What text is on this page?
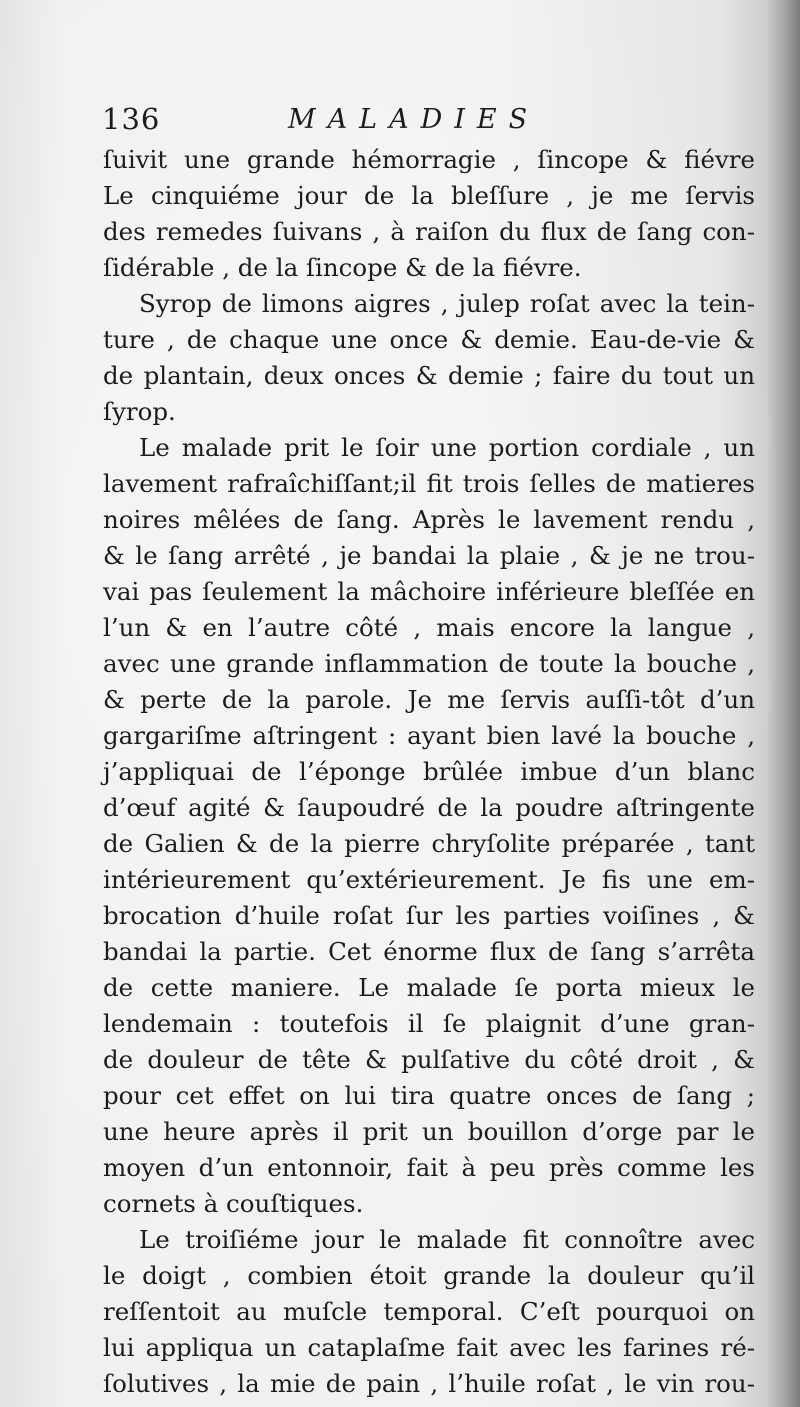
136	MALADIES
ſuivit une grande hémorragie , ſincope & fiévre
Le cinquiéme jour de la bleſſure , je me ſervis
des remedes ſuivans , à raiſon du flux de ſang con-
ſidérable , de la ſincope & de la fiévre.
Syrop de limons aigres , julep roſat avec la tein-
ture , de chaque une once & demie. Eau-de-vie &
de plantain, deux onces & demie ; faire du tout un
ſyrop.
Le malade prit le ſoir une portion cordiale , un
lavement rafraîchiſſant;il fit trois ſelles de matieres
noires mêlées de ſang. Après le lavement rendu ,
& le ſang arrêté , je bandai la plaie , & je ne trou-
vai pas ſeulement la mâchoire inférieure bleſſée en
l’un & en l’autre côté , mais encore la langue ,
avec une grande inflammation de toute la bouche ,
& perte de la parole. Je me ſervis auſſi-tôt d’un
gargariſme aſtringent : ayant bien lavé la bouche ,
j’appliquai de l’éponge brûlée imbue d’un blanc
d’œuf agité & ſaupoudré de la poudre aſtringente
de Galien & de la pierre chryſolite préparée , tant
intérieurement qu’extérieurement. Je fis une em-
brocation d’huile roſat ſur les parties voiſines , &
bandai la partie. Cet énorme flux de ſang s’arrêta
de cette maniere. Le malade ſe porta mieux le
lendemain : toutefois il ſe plaignit d’une gran-
de douleur de tête & pulſative du côté droit , &
pour cet effet on lui tira quatre onces de ſang ;
une heure après il prit un bouillon d’orge par le
moyen d’un entonnoir, fait à peu près comme les
cornets à couſtiques.
Le troiſiéme jour le malade fit connoître avec
le doigt , combien étoit grande la douleur qu’il
reſſentoit au muſcle temporal. C’eſt pourquoi on
lui appliqua un cataplaſme fait avec les farines ré-
ſolutives , la mie de pain , l’huile roſat , le vin rou-
